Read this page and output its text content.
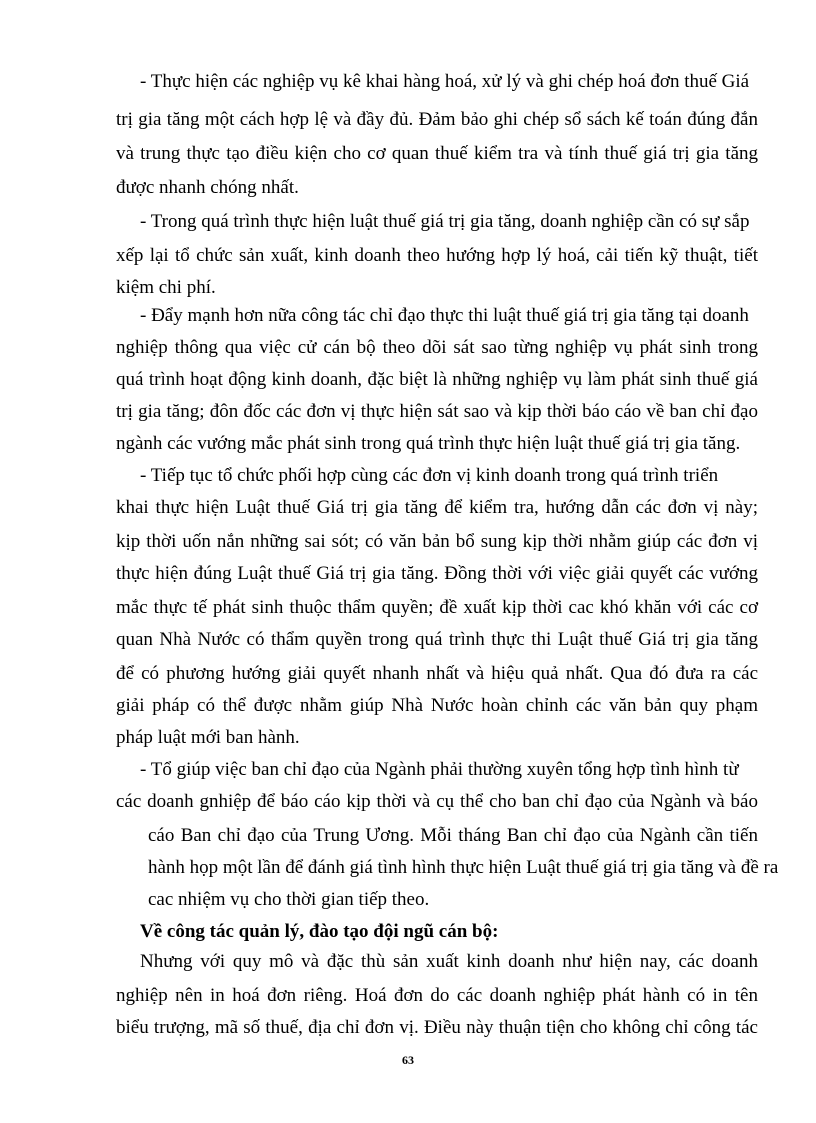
- Thực hiện các nghiệp vụ kê khai hàng hoá, xử lý và ghi chép hoá đơn thuế Giá
trị gia tăng một cách hợp lệ và đầy đủ. Đảm bảo ghi chép sổ sách kế toán đúng đắn
và trung thực tạo điều kiện cho cơ quan thuế kiểm tra và tính thuế giá trị gia tăng
được nhanh chóng nhất.
- Trong quá trình thực hiện luật thuế giá trị gia tăng, doanh nghiệp cần có sự sắp
xếp lại tổ chức sản xuất, kinh doanh theo hướng hợp lý hoá, cải tiến kỹ thuật, tiết
kiệm chi phí.
- Đẩy mạnh hơn nữa công tác chỉ đạo thực thi luật thuế giá trị gia tăng tại doanh
nghiệp thông qua việc cử cán bộ theo dõi sát sao từng nghiệp vụ phát sinh trong
quá trình hoạt động kinh doanh, đặc biệt là những nghiệp vụ làm phát sinh thuế giá
trị gia tăng; đôn đốc các đơn vị thực hiện sát sao và kịp thời báo cáo về ban chỉ đạo
ngành các vướng mắc phát sinh trong quá trình thực hiện luật thuế giá trị gia tăng.
- Tiếp tục tổ chức phối hợp cùng các đơn vị kinh doanh trong quá trình triển
khai thực hiện Luật thuế Giá trị gia tăng để kiểm tra, hướng dẫn các đơn vị này;
kịp thời uốn nắn những sai sót; có văn bản bổ sung kịp thời nhằm giúp các đơn vị
thực hiện đúng Luật thuế Giá trị gia tăng. Đồng thời với việc giải quyết các vướng
mắc thực tế phát sinh thuộc thẩm quyền; đề xuất kịp thời cac khó khăn với các cơ
quan Nhà Nước có thẩm quyền trong quá trình thực thi Luật thuế Giá trị gia tăng
để có phương hướng giải quyết nhanh nhất và hiệu quả nhất. Qua đó đưa ra các
giải pháp có thể được nhằm giúp Nhà Nước hoàn chỉnh các văn bản quy phạm
pháp luật mới ban hành.
- Tổ giúp việc ban chỉ đạo của Ngành phải thường xuyên tổng hợp tình hình từ
các doanh gnhiệp để báo cáo kịp thời và cụ thể cho ban chỉ đạo của Ngành và báo
cáo Ban chỉ đạo của Trung Ương. Mỗi tháng Ban chỉ đạo của Ngành cần tiến
hành họp một lần để đánh giá tình hình thực hiện Luật thuế giá trị gia tăng và đề ra
cac nhiệm vụ cho thời gian tiếp theo.
Về công tác quản lý, đào tạo đội ngũ cán bộ:
Nhưng với quy mô và đặc thù sản xuất kinh doanh như hiện nay, các doanh
nghiệp nên in hoá đơn riêng. Hoá đơn do các doanh nghiệp phát hành có in tên
biểu trượng, mã số thuế, địa chỉ đơn vị. Điều này thuận tiện cho không chỉ công tác
63
